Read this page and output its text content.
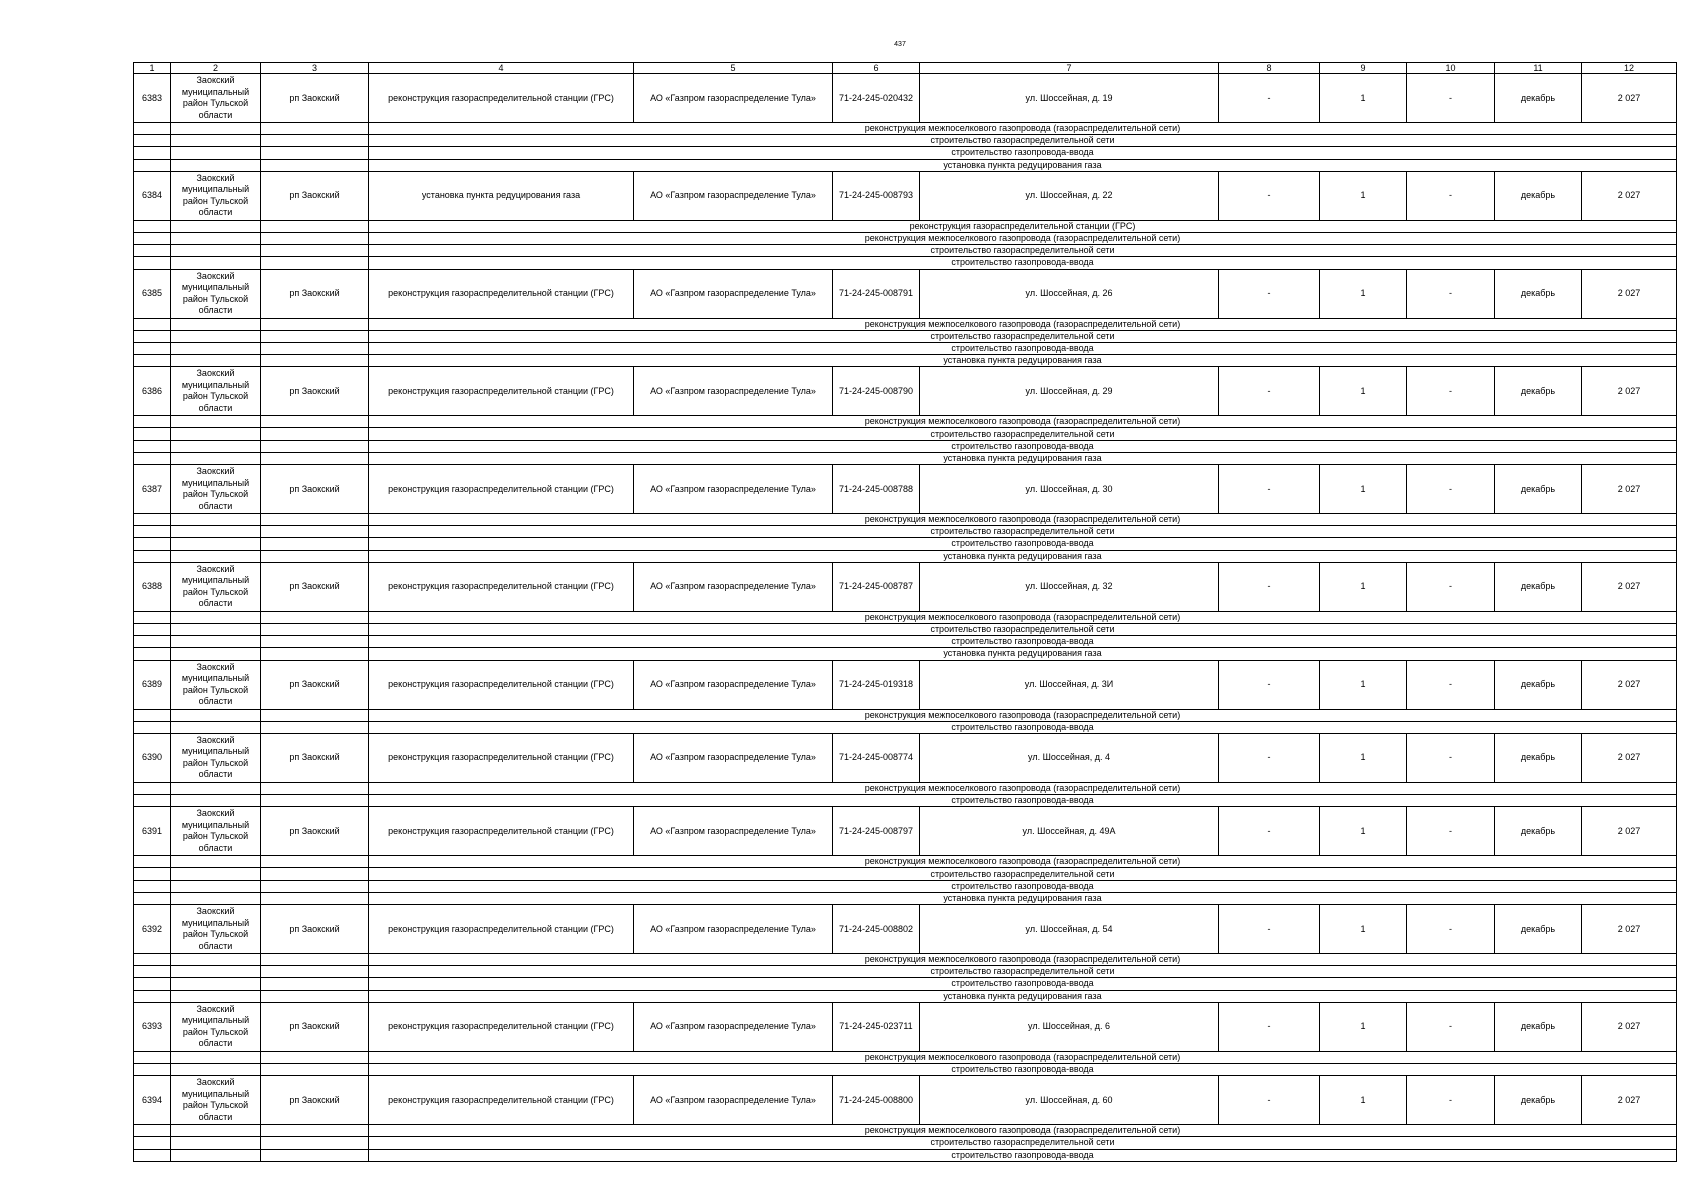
437
1	2	3	4	5	6	7	8	9	10	11	12
6383	Заокский муниципальный район Тульской области	рп Заокский	реконструкция газораспределительной станции (ГРС)	АО «Газпром газораспределение Тула»	71-24-245-020432	ул. Шоссейная, д. 19	-	1	-	декабрь	2 027
			реконструкция межпоселкового газопровода (газораспределительной сети)								
			строительство газораспределительной сети								
			строительство газопровода-ввода								
			установка пункта редуцирования газа								
6384	Заокский муниципальный район Тульской области	рп Заокский	установка пункта редуцирования газа	АО «Газпром газораспределение Тула»	71-24-245-008793	ул. Шоссейная, д. 22	-	1	-	декабрь	2 027
			реконструкция газораспределительной станции (ГРС)								
			реконструкция межпоселкового газопровода (газораспределительной сети)								
			строительство газораспределительной сети								
			строительство газопровода-ввода								
6385	Заокский муниципальный район Тульской области	рп Заокский	реконструкция газораспределительной станции (ГРС)	АО «Газпром газораспределение Тула»	71-24-245-008791	ул. Шоссейная, д. 26	-	1	-	декабрь	2 027
			реконструкция межпоселкового газопровода (газораспределительной сети)								
			строительство газораспределительной сети								
			строительство газопровода-ввода								
			установка пункта редуцирования газа								
6386	Заокский муниципальный район Тульской области	рп Заокский	реконструкция газораспределительной станции (ГРС)	АО «Газпром газораспределение Тула»	71-24-245-008790	ул. Шоссейная, д. 29	-	1	-	декабрь	2 027
			реконструкция межпоселкового газопровода (газораспределительной сети)								
			строительство газораспределительной сети								
			строительство газопровода-ввода								
			установка пункта редуцирования газа								
6387	Заокский муниципальный район Тульской области	рп Заокский	реконструкция газораспределительной станции (ГРС)	АО «Газпром газораспределение Тула»	71-24-245-008788	ул. Шоссейная, д. 30	-	1	-	декабрь	2 027
			реконструкция межпоселкового газопровода (газораспределительной сети)								
			строительство газораспределительной сети								
			строительство газопровода-ввода								
			установка пункта редуцирования газа								
6388	Заокский муниципальный район Тульской области	рп Заокский	реконструкция газораспределительной станции (ГРС)	АО «Газпром газораспределение Тула»	71-24-245-008787	ул. Шоссейная, д. 32	-	1	-	декабрь	2 027
			реконструкция межпоселкового газопровода (газораспределительной сети)								
			строительство газораспределительной сети								
			строительство газопровода-ввода								
			установка пункта редуцирования газа								
6389	Заокский муниципальный район Тульской области	рп Заокский	реконструкция газораспределительной станции (ГРС)	АО «Газпром газораспределение Тула»	71-24-245-019318	ул. Шоссейная, д. 3И	-	1	-	декабрь	2 027
			реконструкция межпоселкового газопровода (газораспределительной сети)								
			строительство газопровода-ввода								
6390	Заокский муниципальный район Тульской области	рп Заокский	реконструкция газораспределительной станции (ГРС)	АО «Газпром газораспределение Тула»	71-24-245-008774	ул. Шоссейная, д. 4	-	1	-	декабрь	2 027
			реконструкция межпоселкового газопровода (газораспределительной сети)								
			строительство газопровода-ввода								
6391	Заокский муниципальный район Тульской области	рп Заокский	реконструкция газораспределительной станции (ГРС)	АО «Газпром газораспределение Тула»	71-24-245-008797	ул. Шоссейная, д. 49А	-	1	-	декабрь	2 027
			реконструкция межпоселкового газопровода (газораспределительной сети)								
			строительство газораспределительной сети								
			строительство газопровода-ввода								
			установка пункта редуцирования газа								
6392	Заокский муниципальный район Тульской области	рп Заокский	реконструкция газораспределительной станции (ГРС)	АО «Газпром газораспределение Тула»	71-24-245-008802	ул. Шоссейная, д. 54	-	1	-	декабрь	2 027
			реконструкция межпоселкового газопровода (газораспределительной сети)								
			строительство газораспределительной сети								
			строительство газопровода-ввода								
			установка пункта редуцирования газа								
6393	Заокский муниципальный район Тульской области	рп Заокский	реконструкция газораспределительной станции (ГРС)	АО «Газпром газораспределение Тула»	71-24-245-023711	ул. Шоссейная, д. 6	-	1	-	декабрь	2 027
			реконструкция межпоселкового газопровода (газораспределительной сети)								
			строительство газопровода-ввода								
6394	Заокский муниципальный район Тульской области	рп Заокский	реконструкция газораспределительной станции (ГРС)	АО «Газпром газораспределение Тула»	71-24-245-008800	ул. Шоссейная, д. 60	-	1	-	декабрь	2 027
			реконструкция межпоселкового газопровода (газораспределительной сети)								
			строительство газораспределительной сети								
			строительство газопровода-ввода								
